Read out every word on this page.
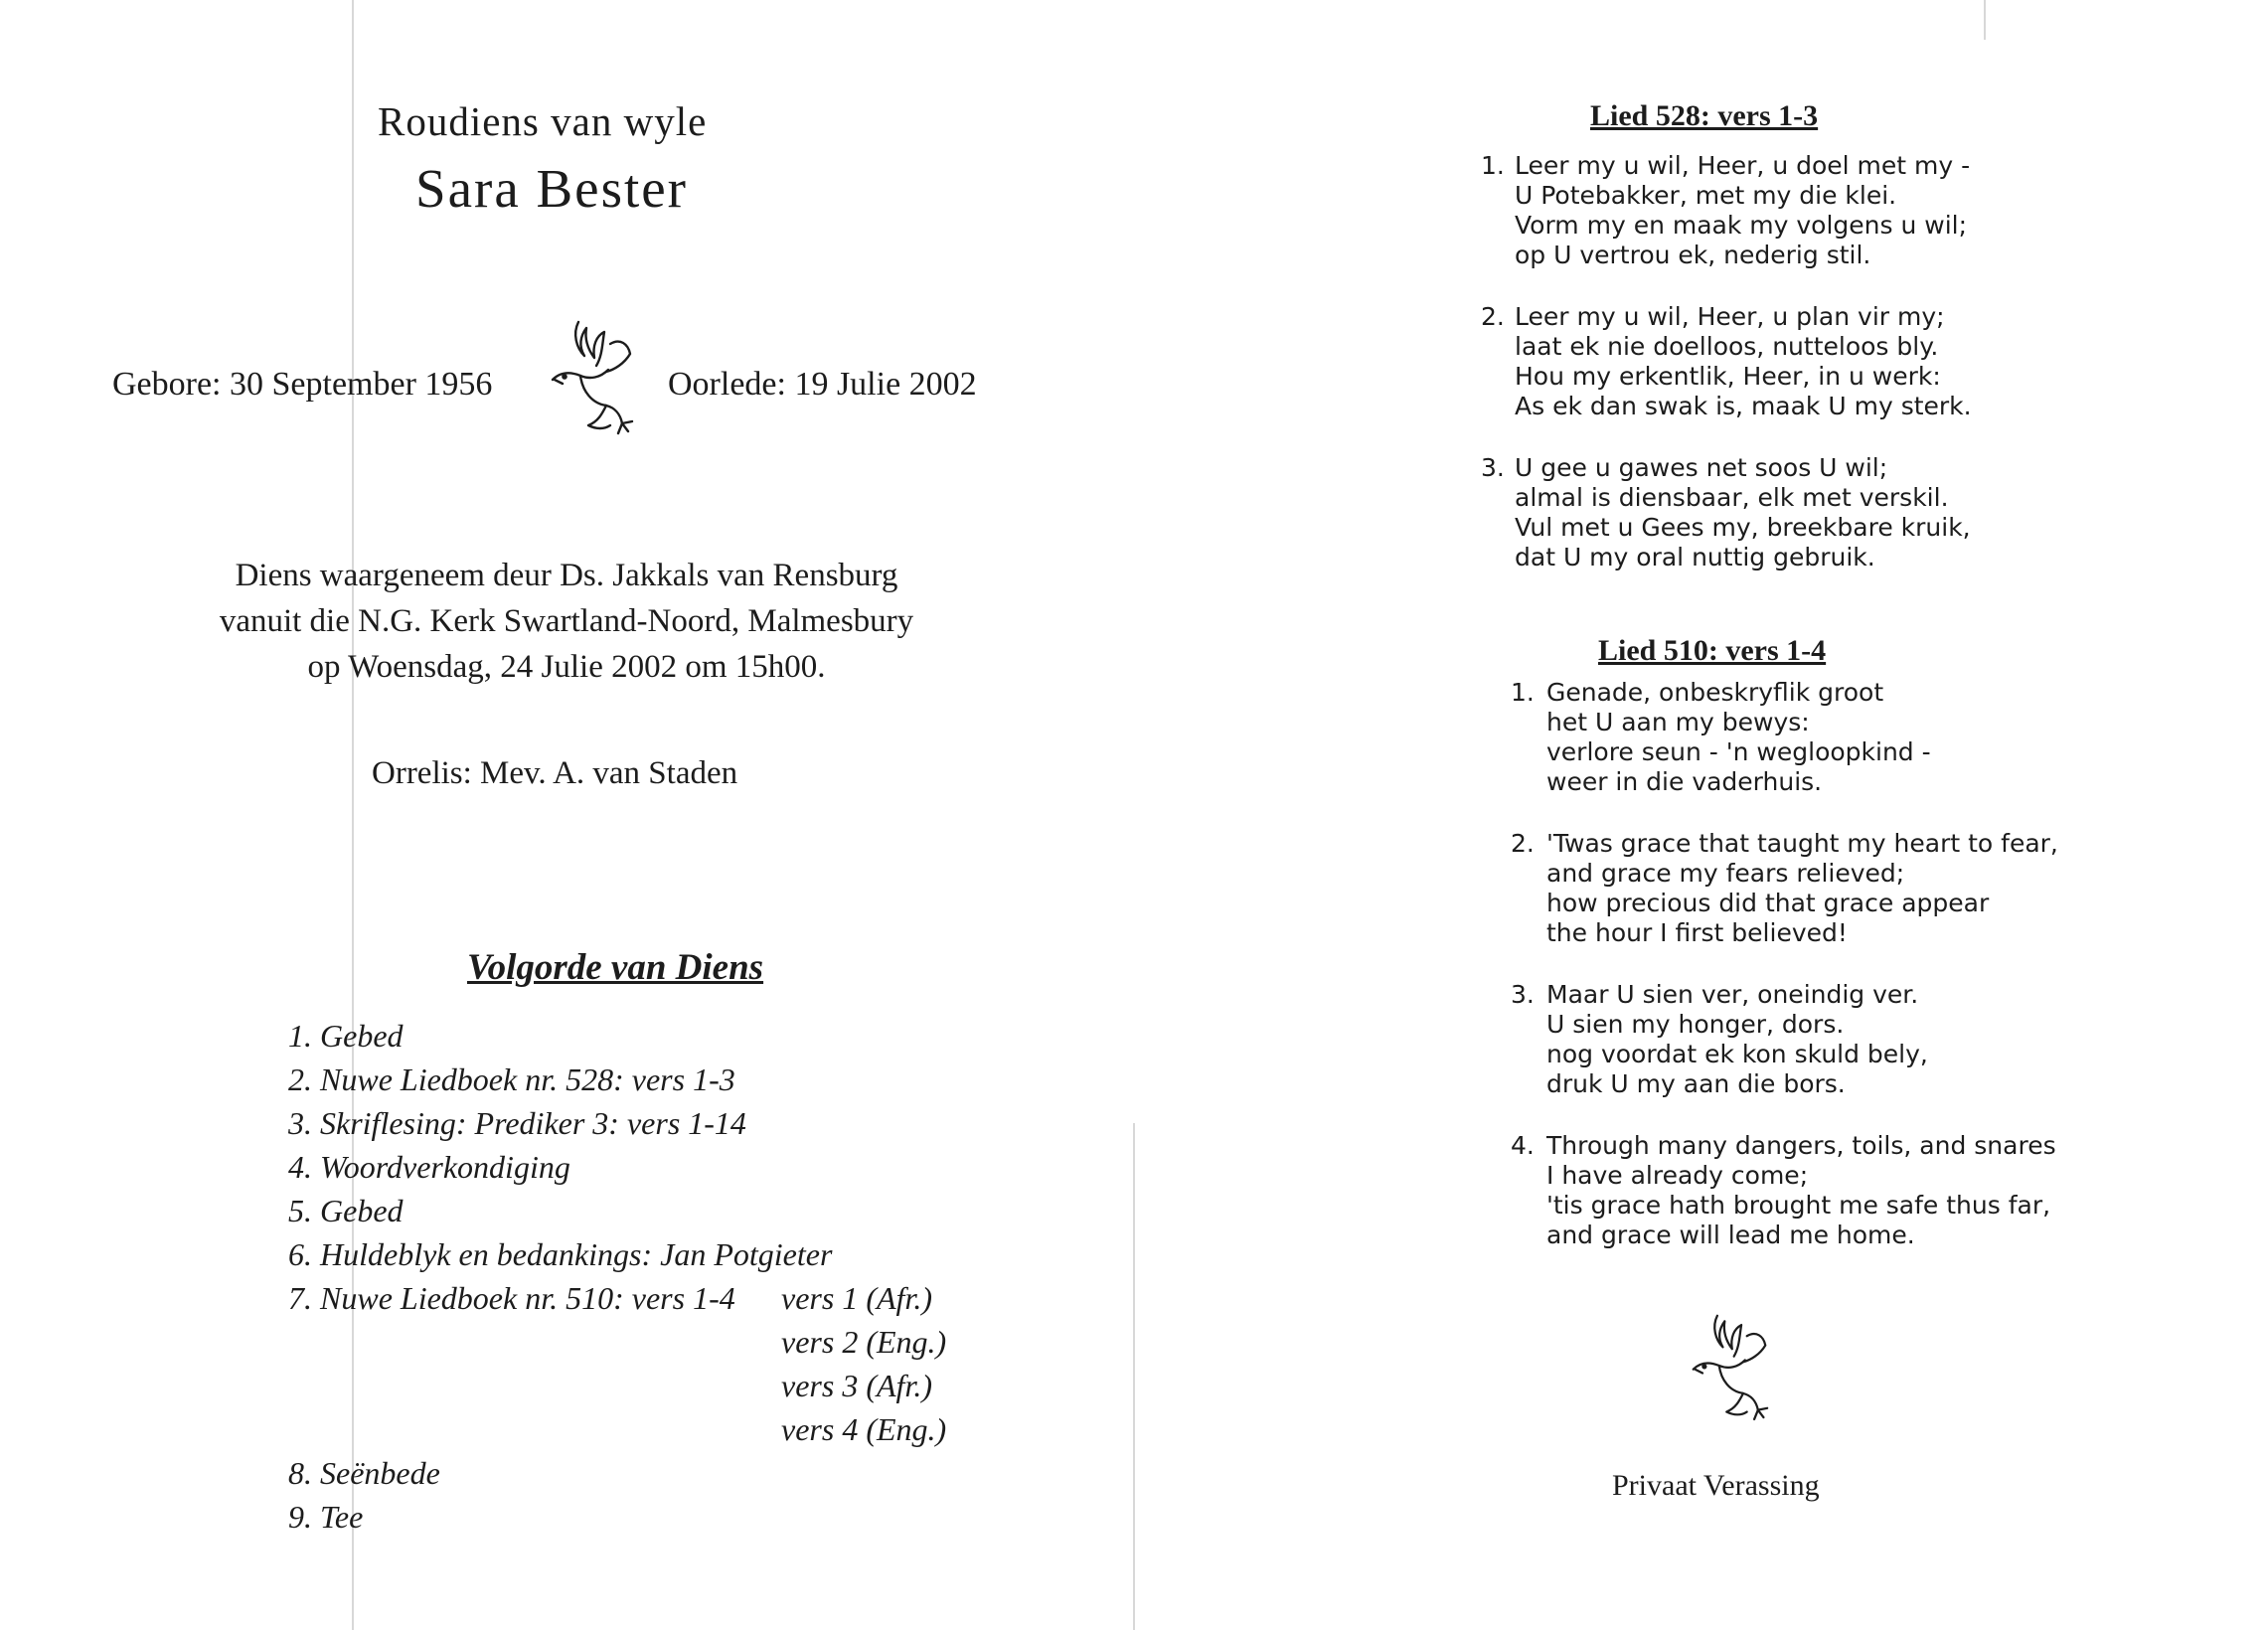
Roudiens van wyle
Sara Bester
Gebore: 30 September 1956	Oorlede: 19 Julie 2002
Diens waargeneem deur Ds. Jakkals van Rensburg
vanuit die N.G. Kerk Swartland-Noord, Malmesbury
op Woensdag, 24 Julie 2002 om 15h00.
Orrelis: Mev. A. van Staden
Volgorde van Diens
1. Gebed
2. Nuwe Liedboek nr. 528: vers 1-3
3. Skriflesing: Prediker 3: vers 1-14
4. Woordverkondiging
5. Gebed
6. Huldeblyk en bedankings: Jan Potgieter
7. Nuwe Liedboek nr. 510: vers 1-4 vers 1 (Afr.)
vers 2 (Eng.)
vers 3 (Afr.)
vers 4 (Eng.)
8. Seënbede
9. Tee
Lied 528: vers 1-3
1. Leer my u wil, Heer, u doel met my -
U Potebakker, met my die klei.
Vorm my en maak my volgens u wil;
op U vertrou ek, nederig stil.
2. Leer my u wil, Heer, u plan vir my;
laat ek nie doelloos, nutteloos bly.
Hou my erkentlik, Heer, in u werk:
As ek dan swak is, maak U my sterk.
3. U gee u gawes net soos U wil;
almal is diensbaar, elk met verskil.
Vul met u Gees my, breekbare kruik,
dat U my oral nuttig gebruik.
Lied 510: vers 1-4
1. Genade, onbeskryflik groot
het U aan my bewys:
verlore seun - 'n wegloopkind -
weer in die vaderhuis.
2. 'Twas grace that taught my heart to fear,
and grace my fears relieved;
how precious did that grace appear
the hour I first believed!
3. Maar U sien ver, oneindig ver.
U sien my honger, dors.
nog voordat ek kon skuld bely,
druk U my aan die bors.
4. Through many dangers, toils, and snares
I have already come;
'tis grace hath brought me safe thus far,
and grace will lead me home.
Privaat Verassing
